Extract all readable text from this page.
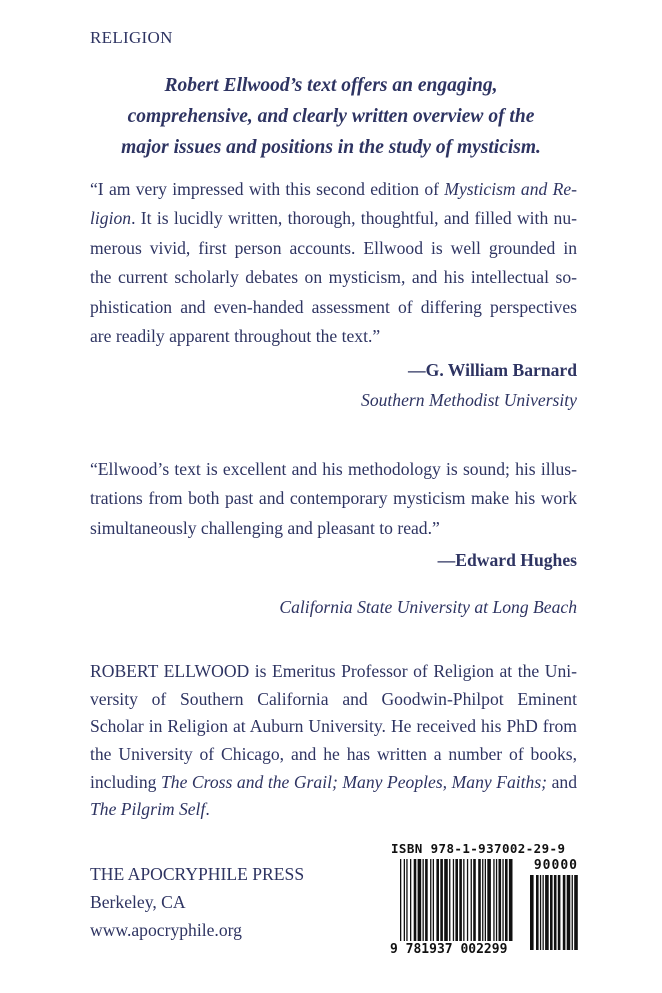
RELIGION
Robert Ellwood’s text offers an engaging,
comprehensive, and clearly written overview of the
major issues and positions in the study of mysticism.
“I am very impressed with this second edition of Mysticism and Re-
ligion. It is lucidly written, thorough, thoughtful, and filled with nu-
merous vivid, first person accounts. Ellwood is well grounded in
the current scholarly debates on mysticism, and his intellectual so-
phistication and even-handed assessment of differing perspectives
are readily apparent throughout the text.”
—G. William Barnard
Southern Methodist University
“Ellwood’s text is excellent and his methodology is sound; his illus-
trations from both past and contemporary mysticism make his work
simultaneously challenging and pleasant to read.”
—Edward Hughes
California State University at Long Beach
ROBERT ELLWOOD is Emeritus Professor of Religion at the Uni-
versity of Southern California and Goodwin-Philpot Eminent
Scholar in Religion at Auburn University. He received his PhD from
the University of Chicago, and he has written a number of books,
including The Cross and the Grail; Many Peoples, Many Faiths; and
The Pilgrim Self.
THE APOCRYPHILE PRESS
Berkeley, CA
www.apocryphile.org
ISBN 978-1-937002-29-9
90000
9 781937 002299
